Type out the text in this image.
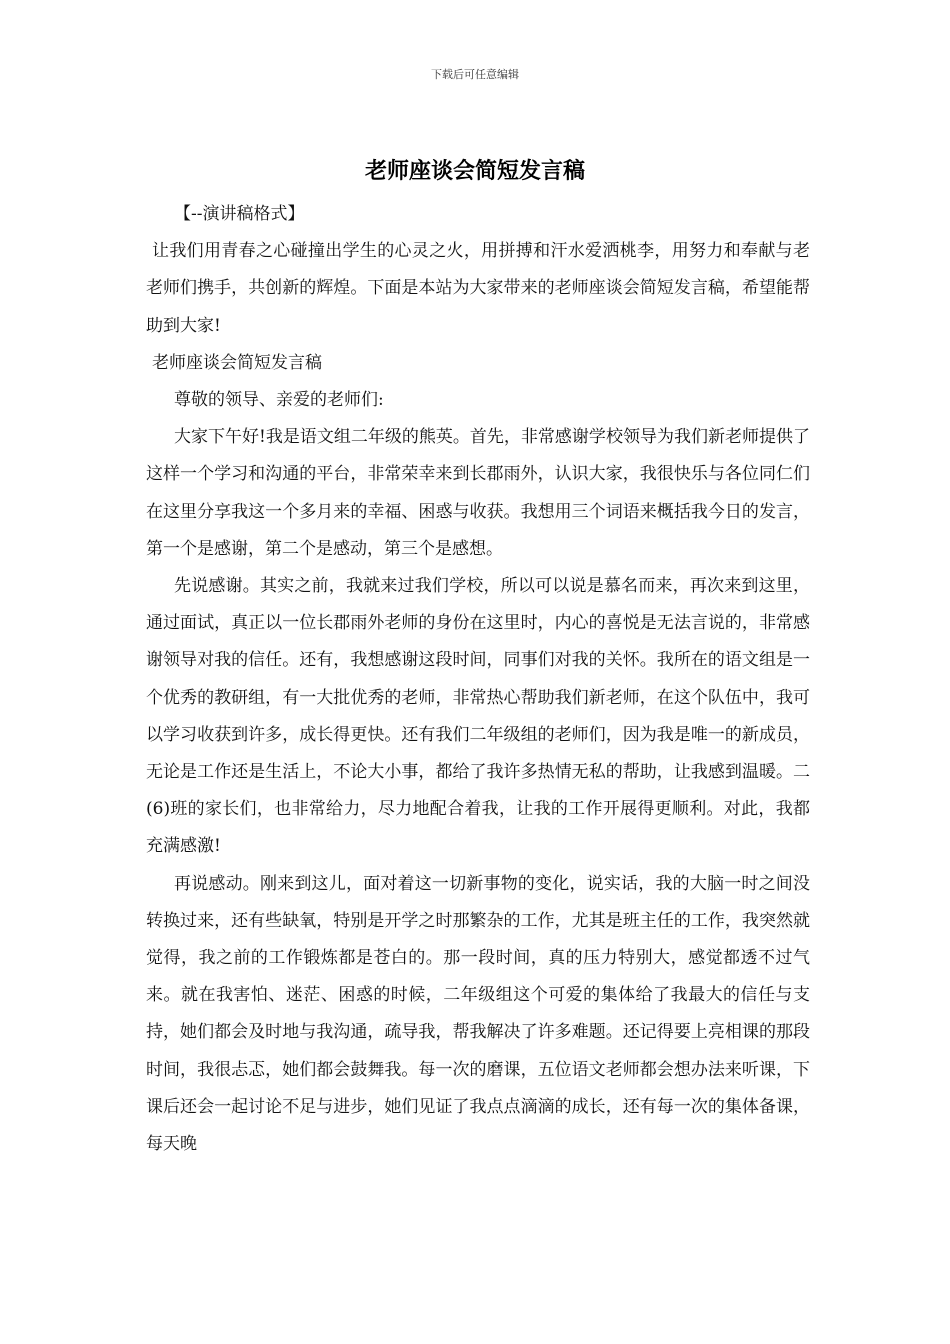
下载后可任意编辑
老师座谈会简短发言稿

【--演讲稿格式】

让我们用青春之心碰撞出学生的心灵之火，用拼搏和汗水爱洒桃李，用努力和奉献与老老师们携手，共创新的辉煌。下面是本站为大家带来的老师座谈会简短发言稿，希望能帮助到大家!

老师座谈会简短发言稿

尊敬的领导、亲爱的老师们:

大家下午好!我是语文组二年级的熊英。首先，非常感谢学校领导为我们新老师提供了这样一个学习和沟通的平台，非常荣幸来到长郡雨外，认识大家，我很快乐与各位同仁们在这里分享我这一个多月来的幸福、困惑与收获。我想用三个词语来概括我今日的发言，第一个是感谢，第二个是感动，第三个是感想。

先说感谢。其实之前，我就来过我们学校，所以可以说是慕名而来，再次来到这里，通过面试，真正以一位长郡雨外老师的身份在这里时，内心的喜悦是无法言说的，非常感谢领导对我的信任。还有，我想感谢这段时间，同事们对我的关怀。我所在的语文组是一个优秀的教研组，有一大批优秀的老师，非常热心帮助我们新老师，在这个队伍中，我可以学习收获到许多，成长得更快。还有我们二年级组的老师们，因为我是唯一的新成员，无论是工作还是生活上，不论大小事，都给了我许多热情无私的帮助，让我感到温暖。二(6)班的家长们，也非常给力，尽力地配合着我，让我的工作开展得更顺利。对此，我都充满感激!

再说感动。刚来到这儿，面对着这一切新事物的变化，说实话，我的大脑一时之间没转换过来，还有些缺氧，特别是开学之时那繁杂的工作，尤其是班主任的工作，我突然就觉得，我之前的工作锻炼都是苍白的。那一段时间，真的压力特别大，感觉都透不过气来。就在我害怕、迷茫、困惑的时候，二年级组这个可爱的集体给了我最大的信任与支持，她们都会及时地与我沟通，疏导我，帮我解决了许多难题。还记得要上亮相课的那段时间，我很忐忑，她们都会鼓舞我。每一次的磨课，五位语文老师都会想办法来听课，下课后还会一起讨论不足与进步，她们见证了我点点滴滴的成长，还有每一次的集体备课，每天晚
